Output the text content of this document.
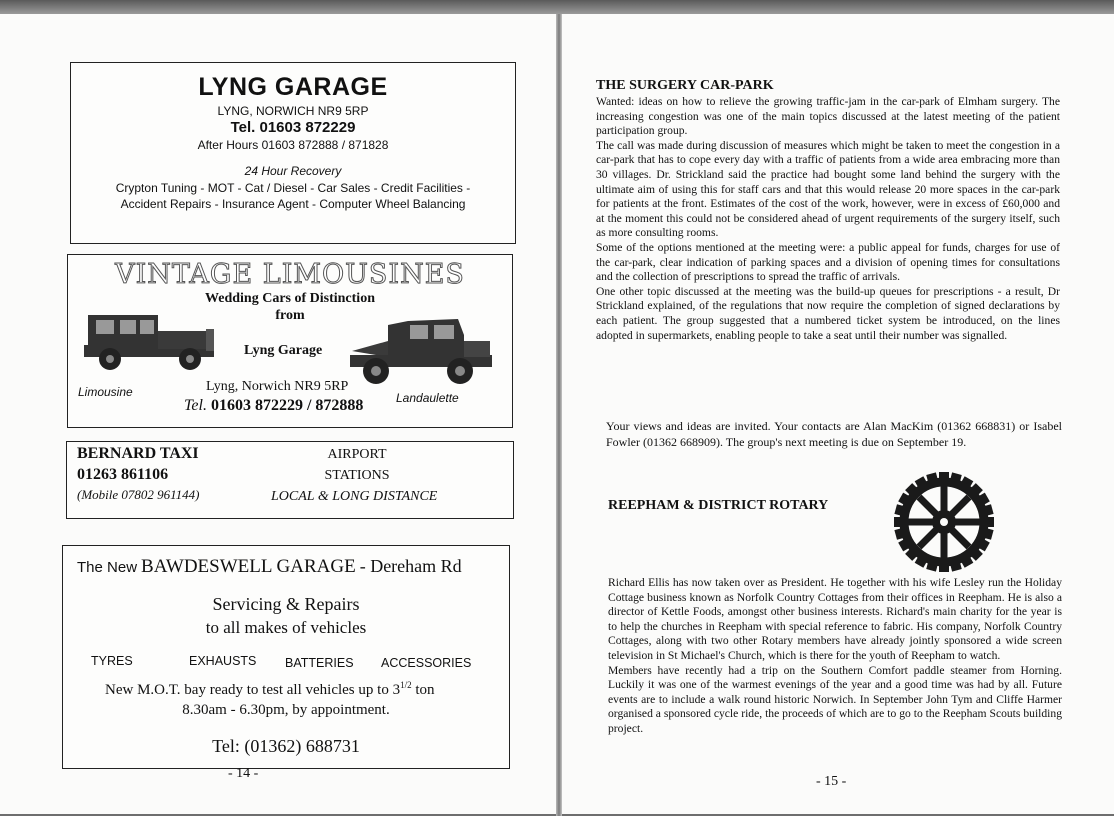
LYNG GARAGE
LYNG, NORWICH NR9 5RP
Tel. 01603 872229
After Hours 01603 872888 / 871828
24 Hour Recovery
Crypton Tuning - MOT - Cat / Diesel - Car Sales - Credit Facilities -
Accident Repairs - Insurance Agent - Computer Wheel Balancing
VINTAGE LIMOUSINES
Wedding Cars of Distinction
from
Lyng Garage
Limousine	Lyng, Norwich NR9 5RP
Tel. 01603 872229 / 872888	Landaulette
BERNARD TAXI
01263 861106
(Mobile 07802 961144)
AIRPORT
STATIONS
LOCAL & LONG DISTANCE
The New BAWDESWELL GARAGE - Dereham Rd
Servicing & Repairs
to all makes of vehicles
TYRES	EXHAUSTS BATTERIES ACCESSORIES
New M.O.T. bay ready to test all vehicles up to $3^{1/2}$ ton
8.30am - 6.30pm, by appointment.
Tel: (01362) 688731
- 14 -
THE SURGERY CAR-PARK

Wanted: ideas on how to relieve the growing traffic-jam in the car-park of Elmham surgery. The increasing congestion was one of the main topics discussed at the latest meeting of the patient participation group.

The call was made during discussion of measures which might be taken to meet the congestion in a car-park that has to cope every day with a traffic of patients from a wide area embracing more than 30 villages. Dr. Strickland said the practice had bought some land behind the surgery with the ultimate aim of using this for staff cars and that this would release 20 more spaces in the car-park for patients at the front. Estimates of the cost of the work, however, were in excess of £60,000 and at the moment this could not be considered ahead of urgent requirements of the surgery itself, such as more consulting rooms.

Some of the options mentioned at the meeting were: a public appeal for funds, charges for use of the car-park, clear indication of parking spaces and a division of opening times for consultations and the collection of prescriptions to spread the traffic of arrivals.

One other topic discussed at the meeting was the build-up queues for prescriptions - a result, Dr Strickland explained, of the regulations that now require the completion of signed declarations by each patient. The group suggested that a numbered ticket system be introduced, on the lines adopted in supermarkets, enabling people to take a seat until their number was signalled.

Your views and ideas are invited. Your contacts are Alan MacKim (01362 668831) or Isabel Fowler (01362 668909). The group's next meeting is due on September 19.
REEPHAM & DISTRICT ROTARY

Richard Ellis has now taken over as President. He together with his wife Lesley run the Holiday Cottage business known as Norfolk Country Cottages from their offices in Reepham. He is also a director of Kettle Foods, amongst other business interests. Richard's main charity for the year is to help the churches in Reepham with special reference to fabric. His company, Norfolk Country Cottages, along with two other Rotary members have already jointly sponsored a wide screen television in St Michael's Church, which is there for the youth of Reepham to watch.

Members have recently had a trip on the Southern Comfort paddle steamer from Horning. Luckily it was one of the warmest evenings of the year and a good time was had by all. Future events are to include a walk round historic Norwich. In September John Tym and Cliffe Harmer organised a sponsored cycle ride, the proceeds of which are to go to the Reepham Scouts building project.

- 15 -
